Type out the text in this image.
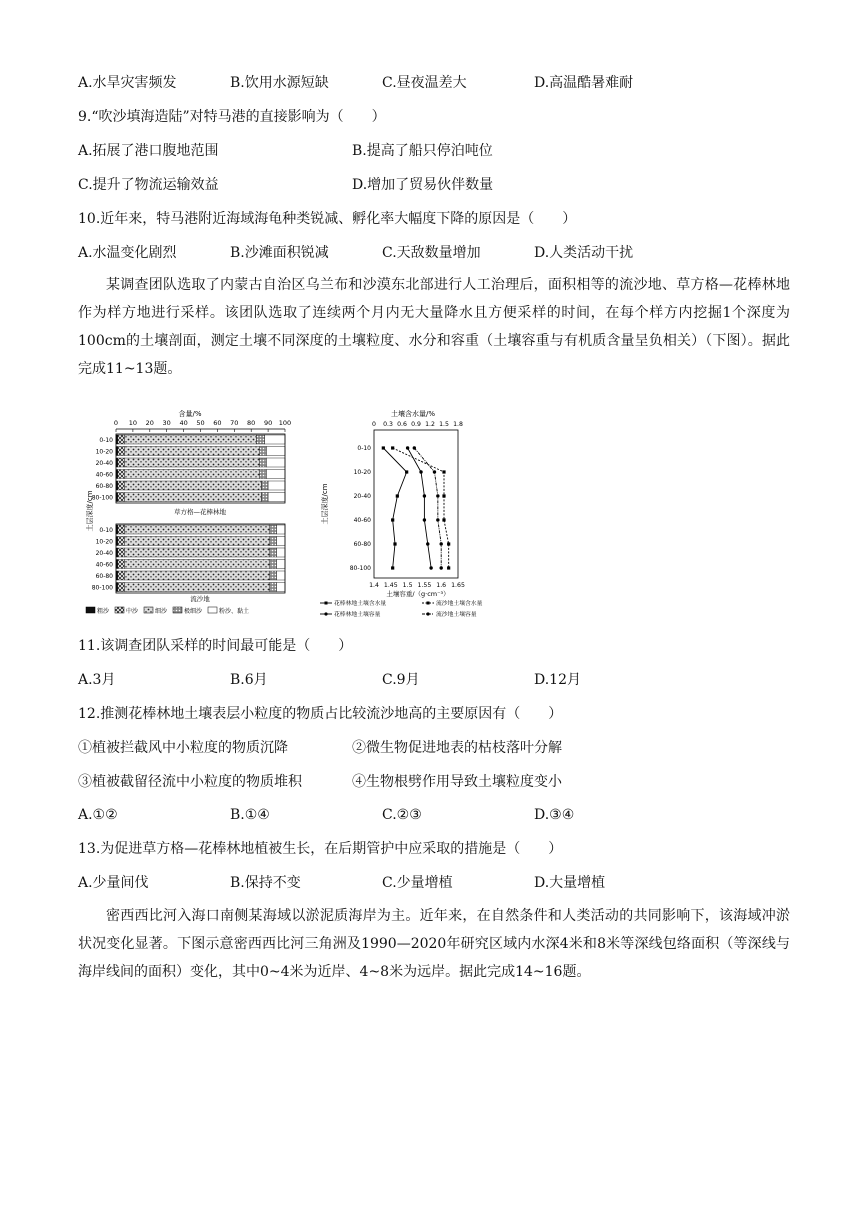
A.水旱灾害频发	B.饮用水源短缺	C.昼夜温差大	D.高温酷暑难耐
9.“吹沙填海造陆”对特马港的直接影响为（　　）
A.拓展了港口腹地范围	B.提高了船只停泊吨位
C.提升了物流运输效益	D.增加了贸易伙伴数量
10.近年来，特马港附近海域海龟种类锐减、孵化率大幅度下降的原因是（　　）
A.水温变化剧烈	B.沙滩面积锐减	C.天敌数量增加	D.人类活动干扰
某调查团队选取了内蒙古自治区乌兰布和沙漠东北部进行人工治理后，面积相等的流沙地、草方格—花棒林地作为样方地进行采样。该团队选取了连续两个月内无大量降水且方便采样的时间，在每个样方内挖掘1个深度为100cm的土壤剖面，测定土壤不同深度的土壤粒度、水分和容重（土壤容重与有机质含量呈负相关）（下图）。据此完成11~13题。
含量/%
0 10 20 30 40 50 60 70 80 90 100
0-10
10-20
20-40
40-60
60-80
80-100
草方格—花棒林地
0-10
10-20
20-40
40-60
60-80
80-100
流沙地
土层深度/cm
粗沙	中沙	细沙	极细沙	粉沙、黏土
土壤含水量/%
0 0.3 0.6 0.9 1.2 1.5 1.8
0-10
10-20
20-40
40-60
60-80
80-100
1.4 1.45 1.5 1.55 1.6 1.65
土层深度/cm
土壤容重/（g·cm⁻³）
花棒林地土壤含水量	流沙地土壤含水量
花棒林地土壤容量	流沙地土壤容量
11.该调查团队采样的时间最可能是（　　）
A.3月	B.6月	C.9月	D.12月
12.推测花棒林地土壤表层小粒度的物质占比较流沙地高的主要原因有（　　）
①植被拦截风中小粒度的物质沉降	②微生物促进地表的枯枝落叶分解
③植被截留径流中小粒度的物质堆积	④生物根劈作用导致土壤粒度变小
A.①②	B.①④	C.②③	D.③④
13.为促进草方格—花棒林地植被生长，在后期管护中应采取的措施是（　　）
A.少量间伐	B.保持不变	C.少量增植	D.大量增植
密西西比河入海口南侧某海域以淤泥质海岸为主。近年来，在自然条件和人类活动的共同影响下，该海域冲淤状况变化显著。下图示意密西西比河三角洲及1990—2020年研究区域内水深4米和8米等深线包络面积（等深线与海岸线间的面积）变化，其中0~4米为近岸、4~8米为远岸。据此完成14~16题。
